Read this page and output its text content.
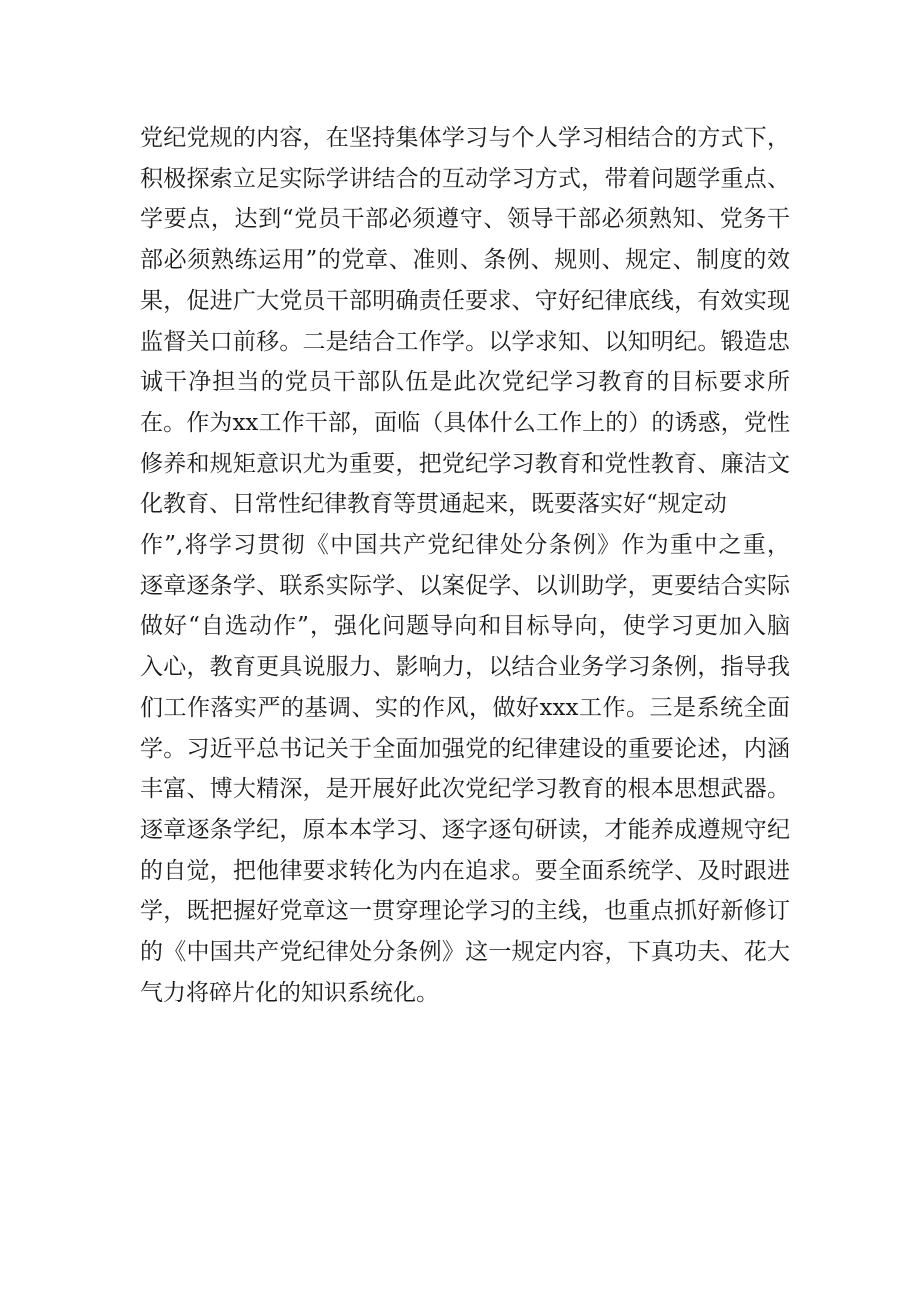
党纪党规的内容，在坚持集体学习与个人学习相结合的方式下，
积极探索立足实际学讲结合的互动学习方式，带着问题学重点、
学要点，达到“党员干部必须遵守、领导干部必须熟知、党务干
部必须熟练运用”的党章、准则、条例、规则、规定、制度的效
果，促进广大党员干部明确责任要求、守好纪律底线，有效实现
监督关口前移。二是结合工作学。以学求知、以知明纪。锻造忠
诚干净担当的党员干部队伍是此次党纪学习教育的目标要求所
在。作为xx工作干部，面临（具体什么工作上的）的诱惑，党性
修养和规矩意识尤为重要，把党纪学习教育和党性教育、廉洁文
化教育、日常性纪律教育等贯通起来，既要落实好“规定动
作”,将学习贯彻《中国共产党纪律处分条例》作为重中之重，
逐章逐条学、联系实际学、以案促学、以训助学，更要结合实际
做好“自选动作”，强化问题导向和目标导向，使学习更加入脑
入心，教育更具说服力、影响力，以结合业务学习条例，指导我
们工作落实严的基调、实的作风，做好xxx工作。三是系统全面
学。习近平总书记关于全面加强党的纪律建设的重要论述，内涵
丰富、博大精深，是开展好此次党纪学习教育的根本思想武器。
逐章逐条学纪，原本本学习、逐字逐句研读，才能养成遵规守纪
的自觉，把他律要求转化为内在追求。要全面系统学、及时跟进
学，既把握好党章这一贯穿理论学习的主线，也重点抓好新修订
的《中国共产党纪律处分条例》这一规定内容，下真功夫、花大
气力将碎片化的知识系统化。
